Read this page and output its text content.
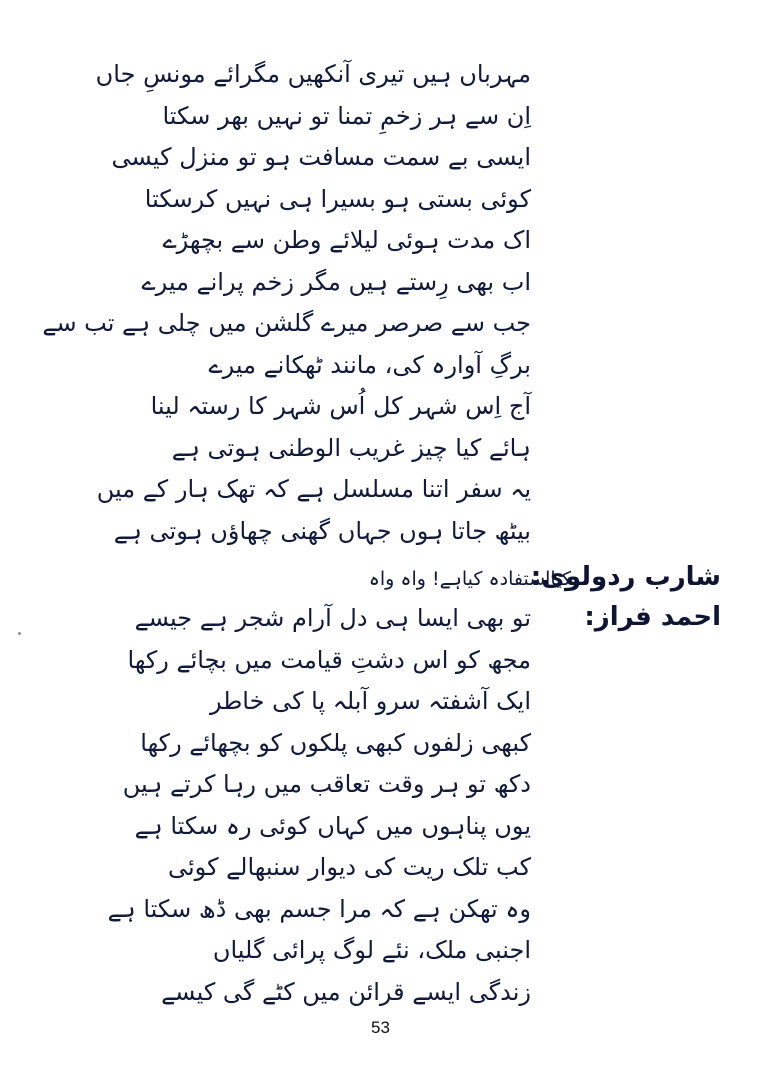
مہرباں ہیں تیری آنکھیں مگرائے مونسِ جاں
اِن سے ہر زخمِ تمنا تو نہیں بھر سکتا
ایسی بے سمت مسافت ہو تو منزل کیسی
کوئی بستی ہو بسیرا ہی نہیں کرسکتا
اک مدت ہوئی لیلائے وطن سے بچھڑے
اب بھی رِستے ہیں مگر زخم پرانے میرے
جب سے صرصر میرے گلشن میں چلی ہے تب سے
برگِ آوارہ کی، مانند ٹھکانے میرے
آج اِس شہر کل اُس شہر کا رستہ لینا
ہائے کیا چیز غریب الوطنی ہوتی ہے
یہ سفر اتنا مسلسل ہے کہ تھک ہار کے میں
بیٹھ جاتا ہوں جہاں گھنی چھاؤں ہوتی ہے
شارب ردولوی:
کیااستفادہ کیاہے! واہ واہ
احمد فراز:
تو بھی ایسا ہی دل آرام شجر ہے جیسے
مجھ کو اس دشتِ قیامت میں بچائے رکھا
ایک آشفتہ سرو آبلہ پا کی خاطر
کبھی زلفوں کبھی پلکوں کو بچھائے رکھا
دکھ تو ہر وقت تعاقب میں رہا کرتے ہیں
یوں پناہوں میں کہاں کوئی رہ سکتا ہے
کب تلک ریت کی دیوار سنبھالے کوئی
وہ تھکن ہے کہ مرا جسم بھی ڈھ سکتا ہے
اجنبی ملک، نئے لوگ پرائی گلیاں
زندگی ایسے قرائن میں کٹے گی کیسے
53
